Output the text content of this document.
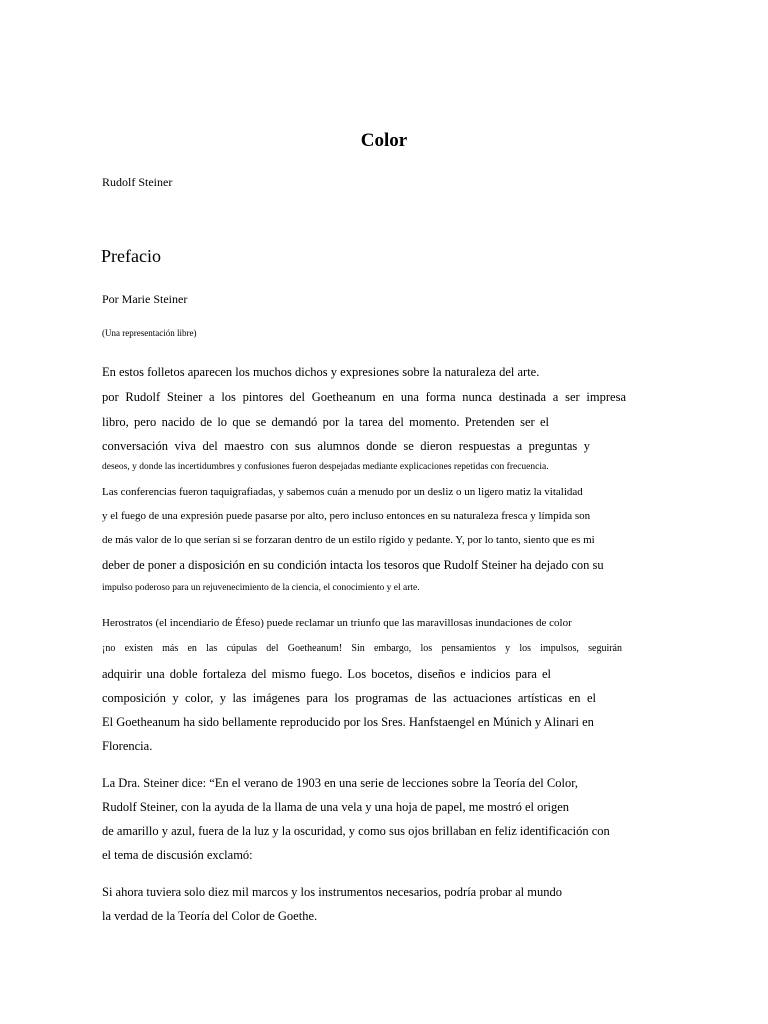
Color

Rudolf Steiner

Prefacio

Por Marie Steiner

(Una representación libre)

En estos folletos aparecen los muchos dichos y expresiones sobre la naturaleza del arte.

por Rudolf Steiner a los pintores del Goetheanum en una forma nunca destinada a ser impresa

libro, pero nacido de lo que se demandó por la tarea del momento. Pretenden ser el

conversación viva del maestro con sus alumnos donde se dieron respuestas a preguntas y

deseos, y donde las incertidumbres y confusiones fueron despejadas mediante explicaciones repetidas con frecuencia.

Las conferencias fueron taquigrafiadas, y sabemos cuán a menudo por un desliz o un ligero matiz la vitalidad

y el fuego de una expresión puede pasarse por alto, pero incluso entonces en su naturaleza fresca y límpida son

de más valor de lo que serían si se forzaran dentro de un estilo rígido y pedante. Y, por lo tanto, siento que es mi

deber de poner a disposición en su condición intacta los tesoros que Rudolf Steiner ha dejado con su

impulso poderoso para un rejuvenecimiento de la ciencia, el conocimiento y el arte.

Herostratos (el incendiario de Éfeso) puede reclamar un triunfo que las maravillosas inundaciones de color

¡no existen más en las cúpulas del Goetheanum! Sin embargo, los pensamientos y los impulsos, seguirán

adquirir una doble fortaleza del mismo fuego. Los bocetos, diseños e indicios para el

composición y color, y las imágenes para los programas de las actuaciones artísticas en el

El Goetheanum ha sido bellamente reproducido por los Sres. Hanfstaengel en Múnich y Alinari en

Florencia.

La Dra. Steiner dice: “En el verano de 1903 en una serie de lecciones sobre la Teoría del Color,

Rudolf Steiner, con la ayuda de la llama de una vela y una hoja de papel, me mostró el origen

de amarillo y azul, fuera de la luz y la oscuridad, y como sus ojos brillaban en feliz identificación con

el tema de discusión exclamó:

Si ahora tuviera solo diez mil marcos y los instrumentos necesarios, podría probar al mundo

la verdad de la Teoría del Color de Goethe.
